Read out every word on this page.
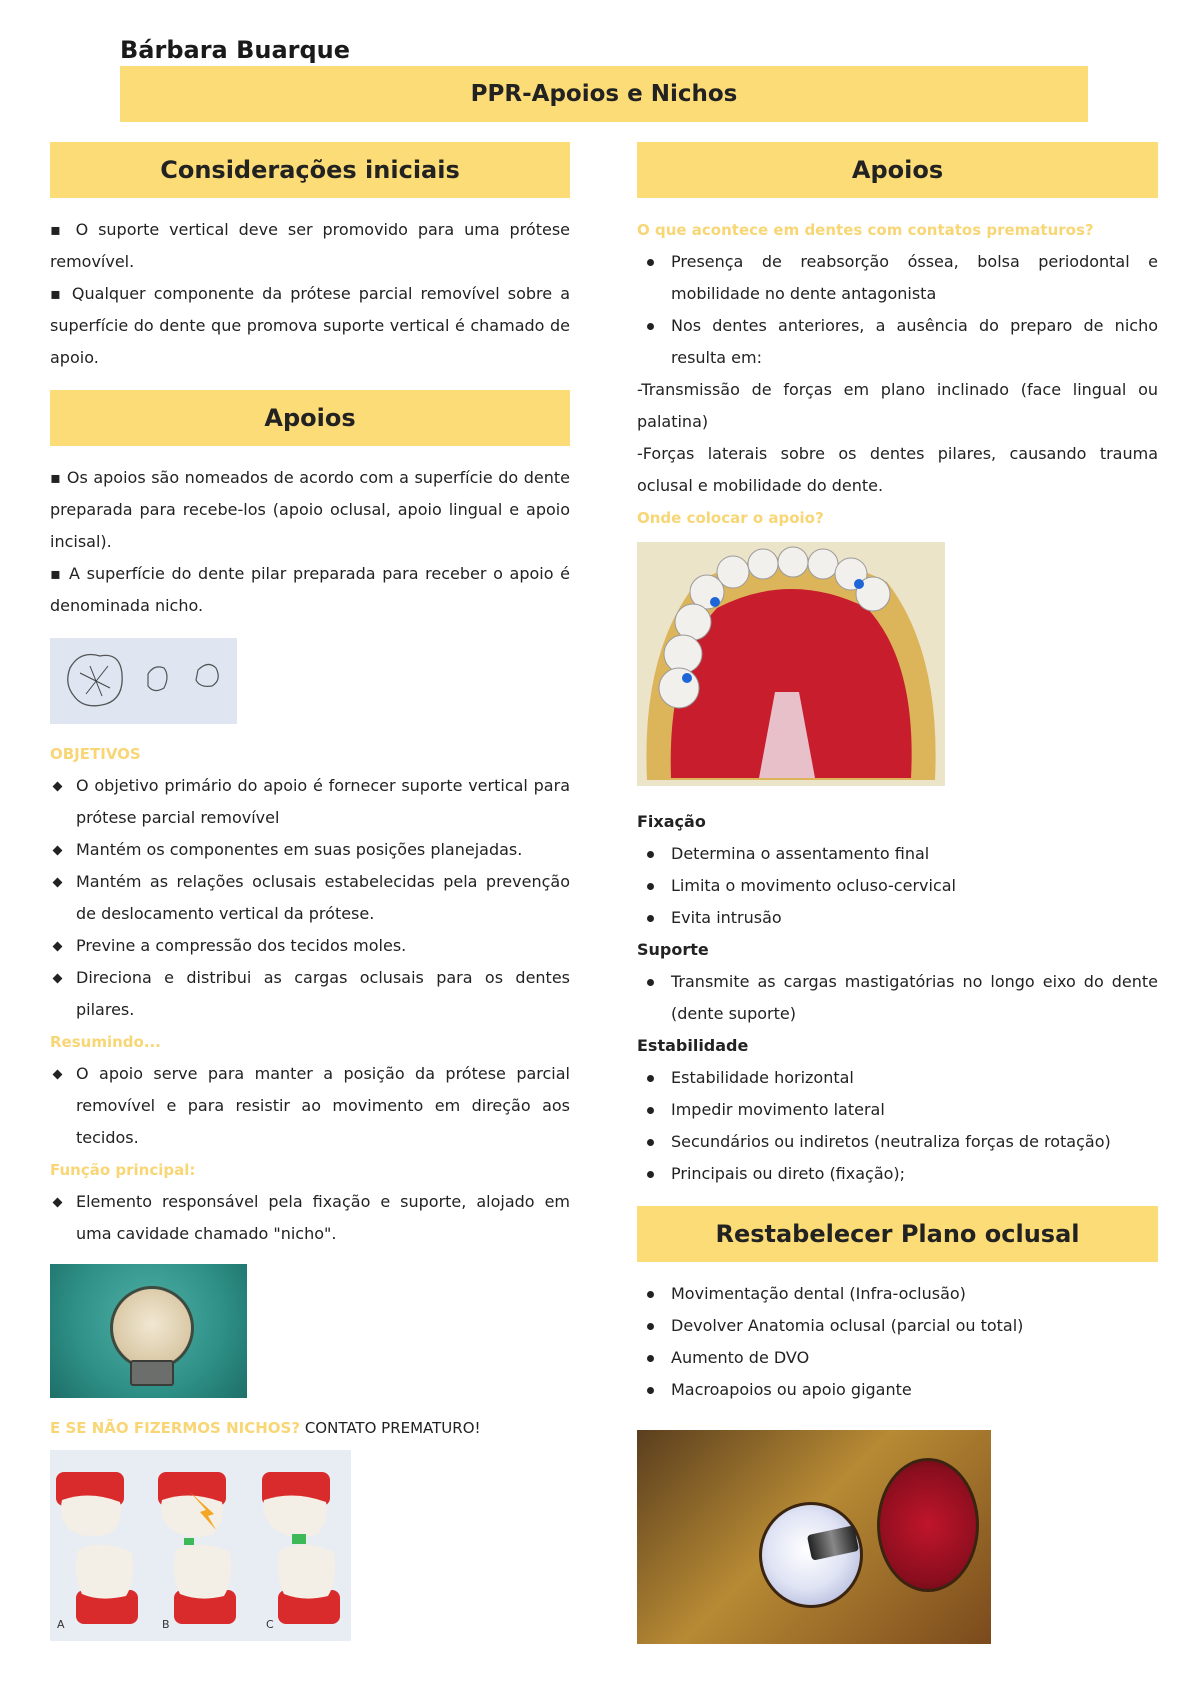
Bárbara Buarque
PPR-Apoios e Nichos
Considerações iniciais

▪ O suporte vertical deve ser promovido para uma prótese removível.

▪ Qualquer componente da prótese parcial removível sobre a superfície do dente que promova suporte vertical é chamado de apoio.

Apoios

▪ Os apoios são nomeados de acordo com a superfície do dente preparada para recebe-los (apoio oclusal, apoio lingual e apoio incisal).

▪ A superfície do dente pilar preparada para receber o apoio é denominada nicho.

OBJETIVOS

O objetivo primário do apoio é fornecer suporte vertical para prótese parcial removível
Mantém os componentes em suas posições planejadas.
Mantém as relações oclusais estabelecidas pela prevenção de deslocamento vertical da prótese.
Previne a compressão dos tecidos moles.
Direciona e distribui as cargas oclusais para os dentes pilares.

Resumindo...

O apoio serve para manter a posição da prótese parcial removível e para resistir ao movimento em direção aos tecidos.

Função principal:

Elemento responsável pela fixação e suporte, alojado em uma cavidade chamado "nicho".
E SE NÃO FIZERMOS NICHOS? CONTATO PREMATURO!
A	B	C
Apoios

O que acontece em dentes com contatos prematuros?

Presença de reabsorção óssea, bolsa periodontal e mobilidade no dente antagonista
Nos dentes anteriores, a ausência do preparo de nicho resulta em:

-Transmissão de forças em plano inclinado (face lingual ou palatina)

-Forças laterais sobre os dentes pilares, causando trauma oclusal e mobilidade do dente.

Onde colocar o apoio?

Fixação

Determina o assentamento final
Limita o movimento ocluso-cervical
Evita intrusão

Suporte

Transmite as cargas mastigatórias no longo eixo do dente (dente suporte)

Estabilidade

Estabilidade horizontal
Impedir movimento lateral
Secundários ou indiretos (neutraliza forças de rotação)
Principais ou direto (fixação);
Restabelecer Plano oclusal
Movimentação dental (Infra-oclusão)
Devolver Anatomia oclusal (parcial ou total)
Aumento de DVO
Macroapoios ou apoio gigante
